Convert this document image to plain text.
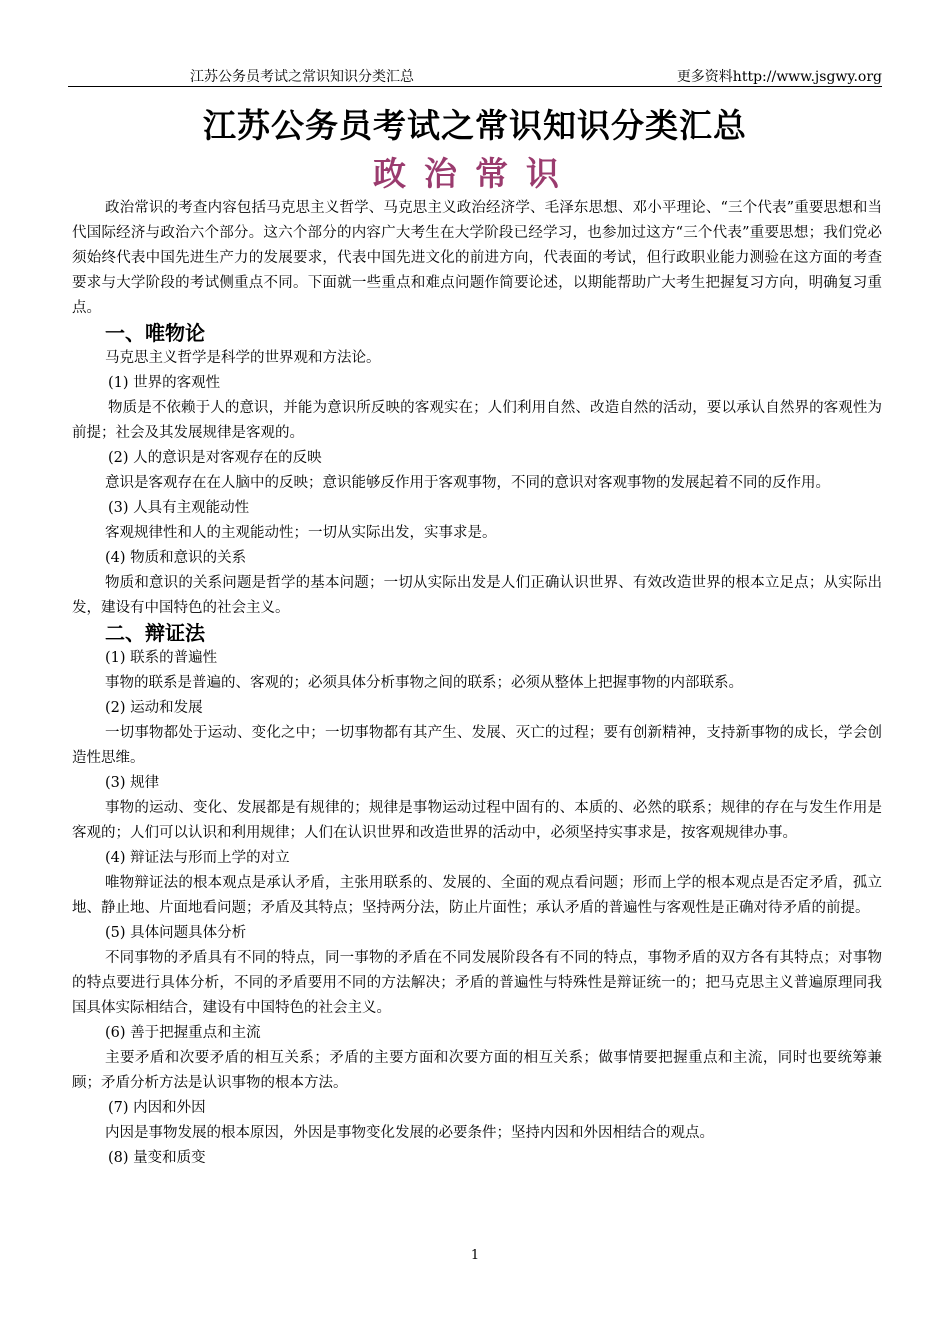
江苏公务员考试之常识知识分类汇总	更多资料http://www.jsgwy.org
江苏公务员考试之常识知识分类汇总
政治常识

政治常识的考查内容包括马克思主义哲学、马克思主义政治经济学、毛泽东思想、邓小平理论、“三个代表”重要思想和当代国际经济与政治六个部分。这六个部分的内容广大考生在大学阶段已经学习，也参加过这方“三个代表”重要思想；我们党必须始终代表中国先进生产力的发展要求，代表中国先进文化的前进方向，代表面的考试，但行政职业能力测验在这方面的考查要求与大学阶段的考试侧重点不同。下面就一些重点和难点问题作简要论述，以期能帮助广大考生把握复习方向，明确复习重点。

一、唯物论

马克思主义哲学是科学的世界观和方法论。

(1) 世界的客观性

物质是不依赖于人的意识，并能为意识所反映的客观实在；人们利用自然、改造自然的活动，要以承认自然界的客观性为前提；社会及其发展规律是客观的。

(2) 人的意识是对客观存在的反映

意识是客观存在在人脑中的反映；意识能够反作用于客观事物，不同的意识对客观事物的发展起着不同的反作用。

(3) 人具有主观能动性

客观规律性和人的主观能动性；一切从实际出发，实事求是。

(4) 物质和意识的关系

物质和意识的关系问题是哲学的基本问题；一切从实际出发是人们正确认识世界、有效改造世界的根本立足点；从实际出发，建设有中国特色的社会主义。

二、辩证法

(1) 联系的普遍性

事物的联系是普遍的、客观的；必须具体分析事物之间的联系；必须从整体上把握事物的内部联系。

(2) 运动和发展

一切事物都处于运动、变化之中；一切事物都有其产生、发展、灭亡的过程；要有创新精神，支持新事物的成长，学会创造性思维。

(3) 规律

事物的运动、变化、发展都是有规律的；规律是事物运动过程中固有的、本质的、必然的联系；规律的存在与发生作用是客观的；人们可以认识和利用规律；人们在认识世界和改造世界的活动中，必须坚持实事求是，按客观规律办事。

(4) 辩证法与形而上学的对立

唯物辩证法的根本观点是承认矛盾，主张用联系的、发展的、全面的观点看问题；形而上学的根本观点是否定矛盾，孤立地、静止地、片面地看问题；矛盾及其特点；坚持两分法，防止片面性；承认矛盾的普遍性与客观性是正确对待矛盾的前提。

(5) 具体问题具体分析

不同事物的矛盾具有不同的特点，同一事物的矛盾在不同发展阶段各有不同的特点，事物矛盾的双方各有其特点；对事物的特点要进行具体分析，不同的矛盾要用不同的方法解决；矛盾的普遍性与特殊性是辩证统一的；把马克思主义普遍原理同我国具体实际相结合，建设有中国特色的社会主义。

(6) 善于把握重点和主流

主要矛盾和次要矛盾的相互关系；矛盾的主要方面和次要方面的相互关系；做事情要把握重点和主流，同时也要统筹兼顾；矛盾分析方法是认识事物的根本方法。

(7) 内因和外因

内因是事物发展的根本原因，外因是事物变化发展的必要条件；坚持内因和外因相结合的观点。

(8) 量变和质变

1
